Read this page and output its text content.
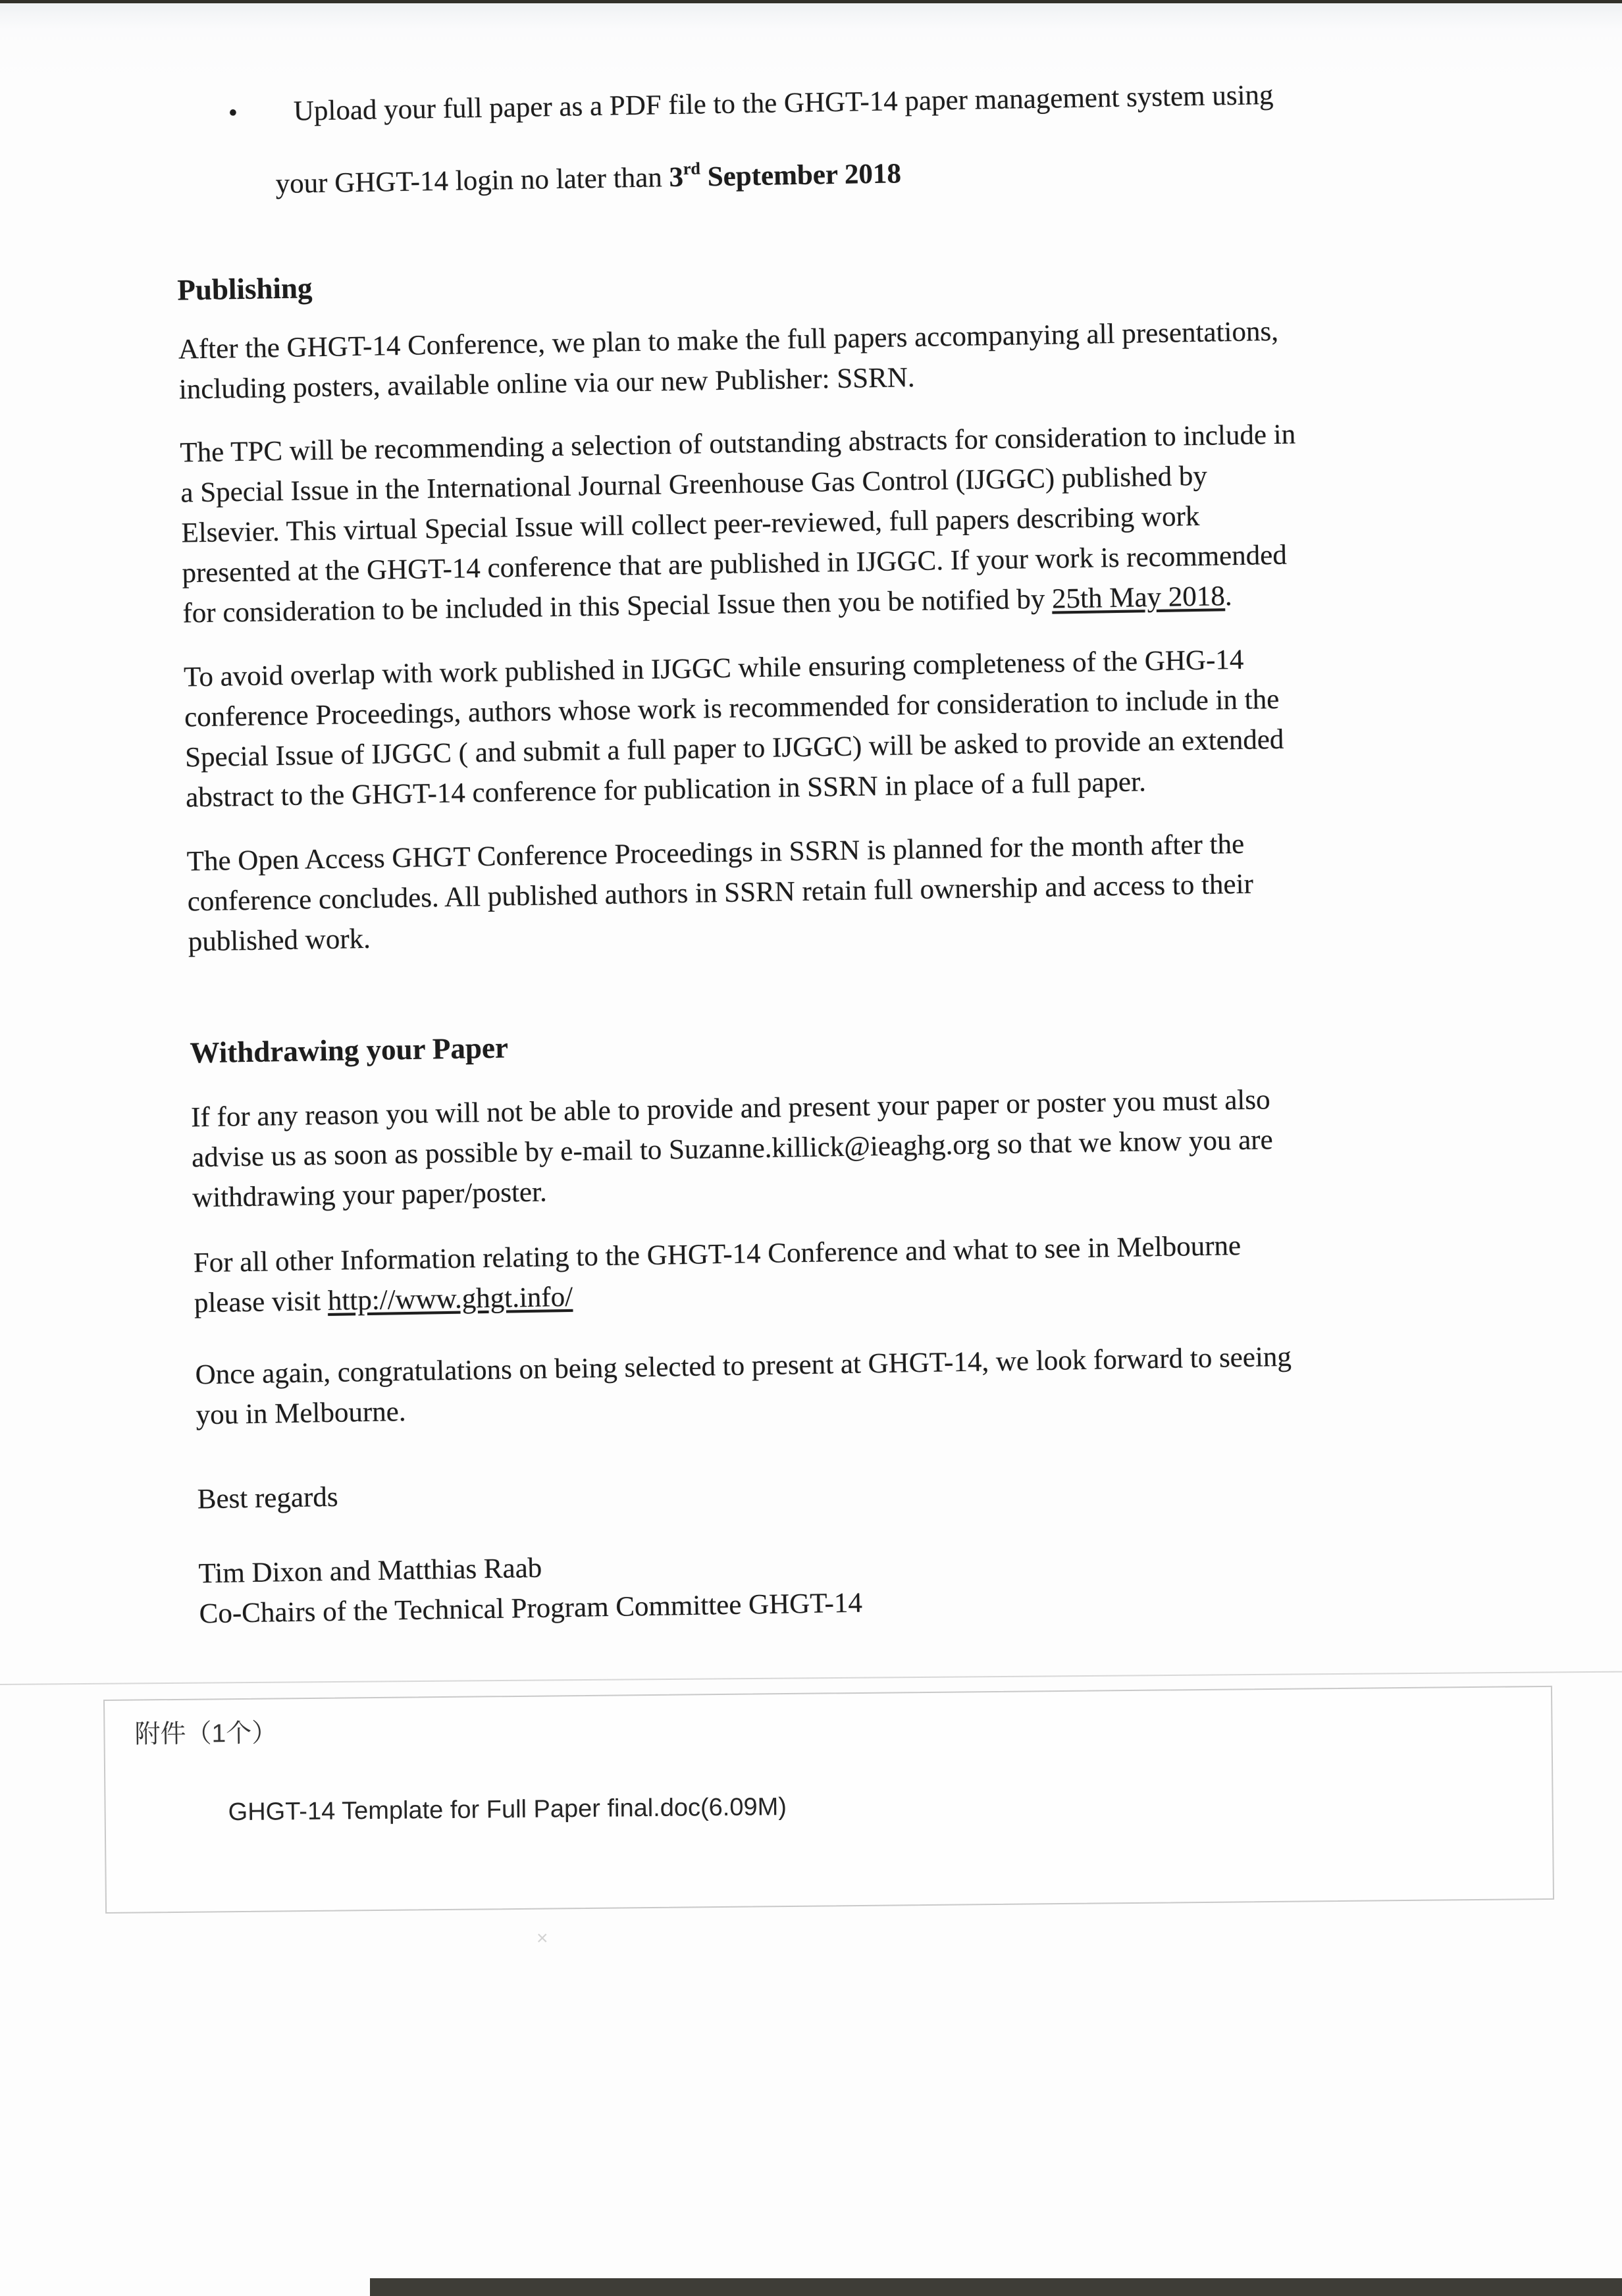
•	Upload your full paper as a PDF file to the GHGT-14 paper management system using
your GHGT-14 login no later than 3rd September 2018
Publishing
After the GHGT-14 Conference, we plan to make the full papers accompanying all presentations,
including posters, available online via our new Publisher: SSRN.
The TPC will be recommending a selection of outstanding abstracts for consideration to include in
a Special Issue in the International Journal Greenhouse Gas Control (IJGGC) published by
Elsevier. This virtual Special Issue will collect peer-reviewed, full papers describing work
presented at the GHGT-14 conference that are published in IJGGC. If your work is recommended
for consideration to be included in this Special Issue then you be notified by 25th May 2018.
To avoid overlap with work published in IJGGC while ensuring completeness of the GHG-14
conference Proceedings, authors whose work is recommended for consideration to include in the
Special Issue of IJGGC ( and submit a full paper to IJGGC) will be asked to provide an extended
abstract to the GHGT-14 conference for publication in SSRN in place of a full paper.
The Open Access GHGT Conference Proceedings in SSRN is planned for the month after the
conference concludes. All published authors in SSRN retain full ownership and access to their
published work.
Withdrawing your Paper
If for any reason you will not be able to provide and present your paper or poster you must also
advise us as soon as possible by e-mail to Suzanne.killick@ieaghg.org so that we know you are
withdrawing your paper/poster.
For all other Information relating to the GHGT-14 Conference and what to see in Melbourne
please visit http://www.ghgt.info/
Once again, congratulations on being selected to present at GHGT-14, we look forward to seeing
you in Melbourne.
Best regards
Tim Dixon and Matthias Raab
Co-Chairs of the Technical Program Committee GHGT-14
附件（1个）
GHGT-14 Template for Full Paper final.doc(6.09M)
×
